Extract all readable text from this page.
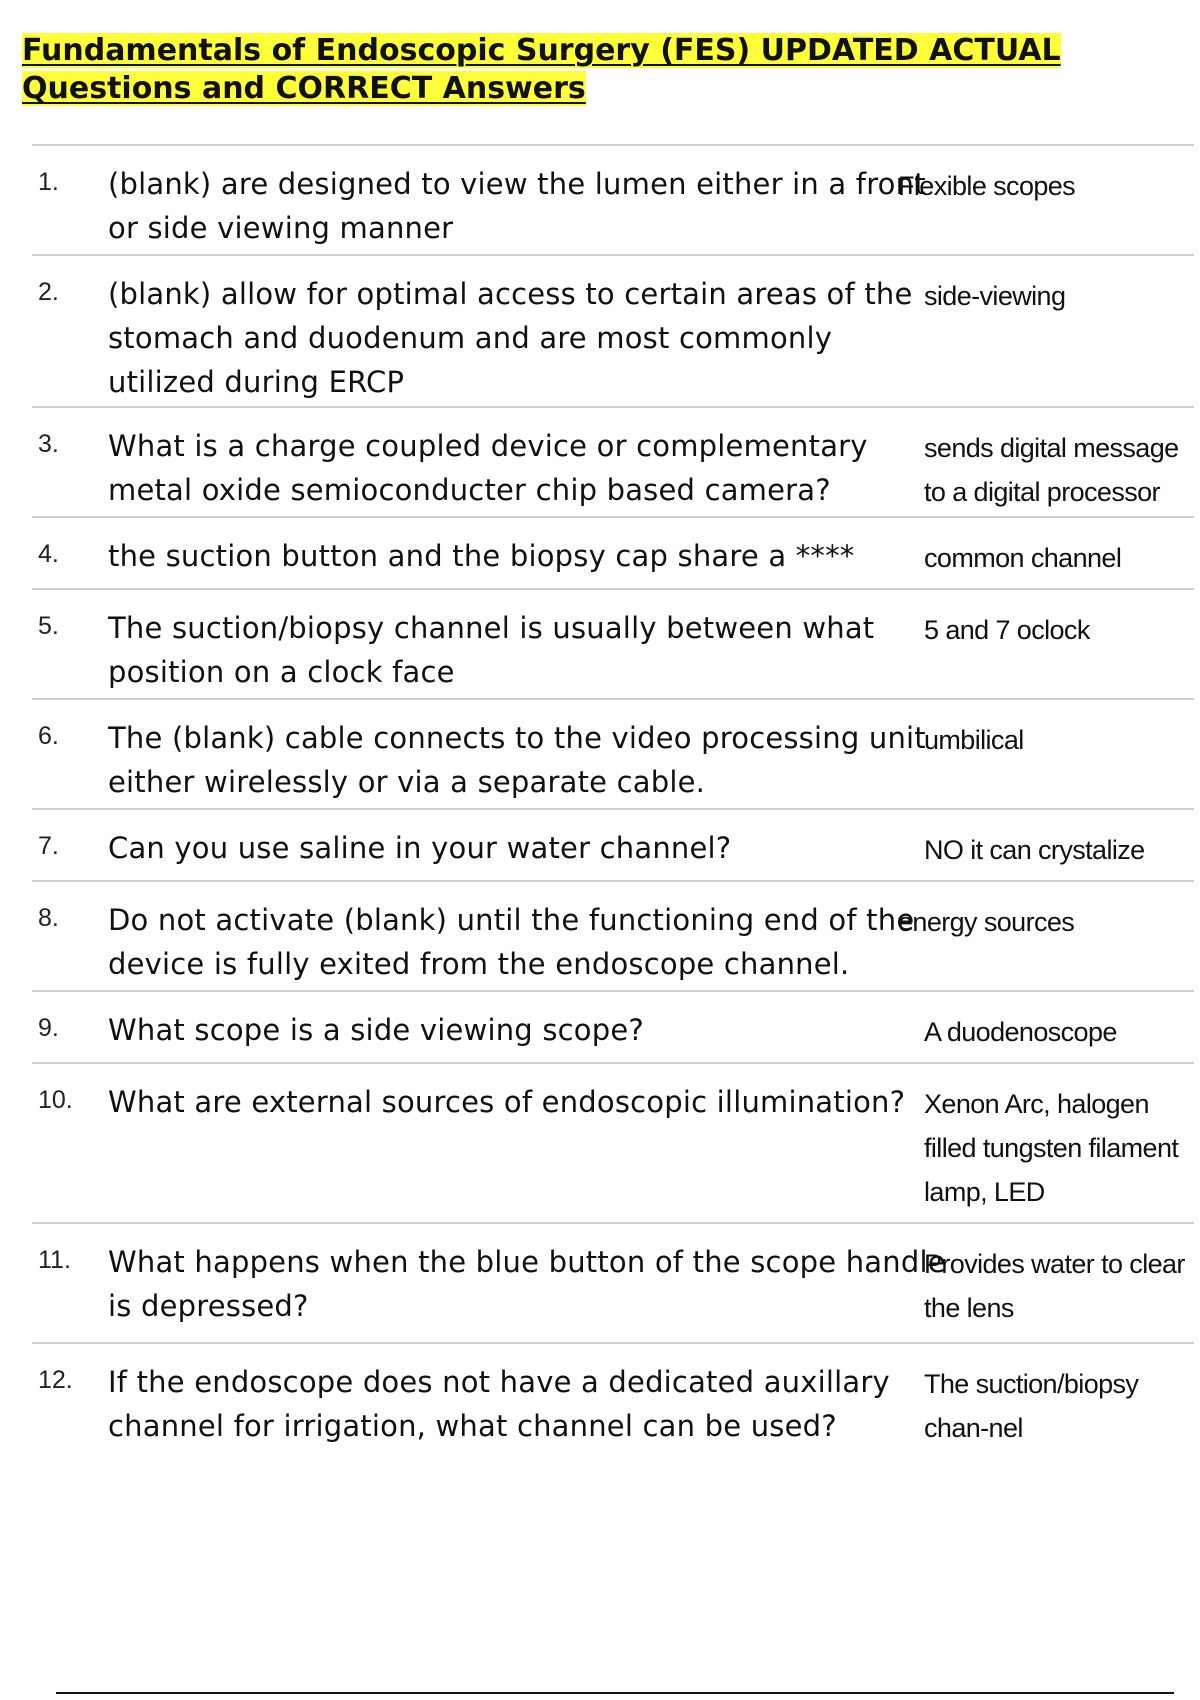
Fundamentals of Endoscopic Surgery (FES) UPDATED ACTUAL Questions and CORRECT Answers
1. (blank) are designed to view the lumen either in a front or side viewing manner
Flexible scopes
2. (blank) allow for optimal access to certain areas of the stomach and duodenum and are most commonly utilized during ERCP
side-viewing
3. What is a charge coupled device or complementary metal oxide semioconducter chip based camera?
sends digital message to a digital processor
4. the suction button and the biopsy cap share a ****	common channel
5. The suction/biopsy channel is usually between what position on a clock face
5 and 7 oclock
6. The (blank) cable connects to the video processing unit either wirelessly or via a separate cable.
umbilical
7. Can you use saline in your water channel?	NO it can crystalize
8. Do not activate (blank) until the functioning end of the device is fully exited from the endoscope channel.
energy sources
9. What scope is a side viewing scope?	A duodenoscope
10. What are external sources of endoscopic illumination? Xenon Arc, halogen filled tungsten filament lamp, LED
11. What happens when the blue button of the scope handle is depressed?
Provides water to clear the lens
12. If the endoscope does not have a dedicated auxillary channel for irrigation, what channel can be used?
The suction/biopsy chan-nel
